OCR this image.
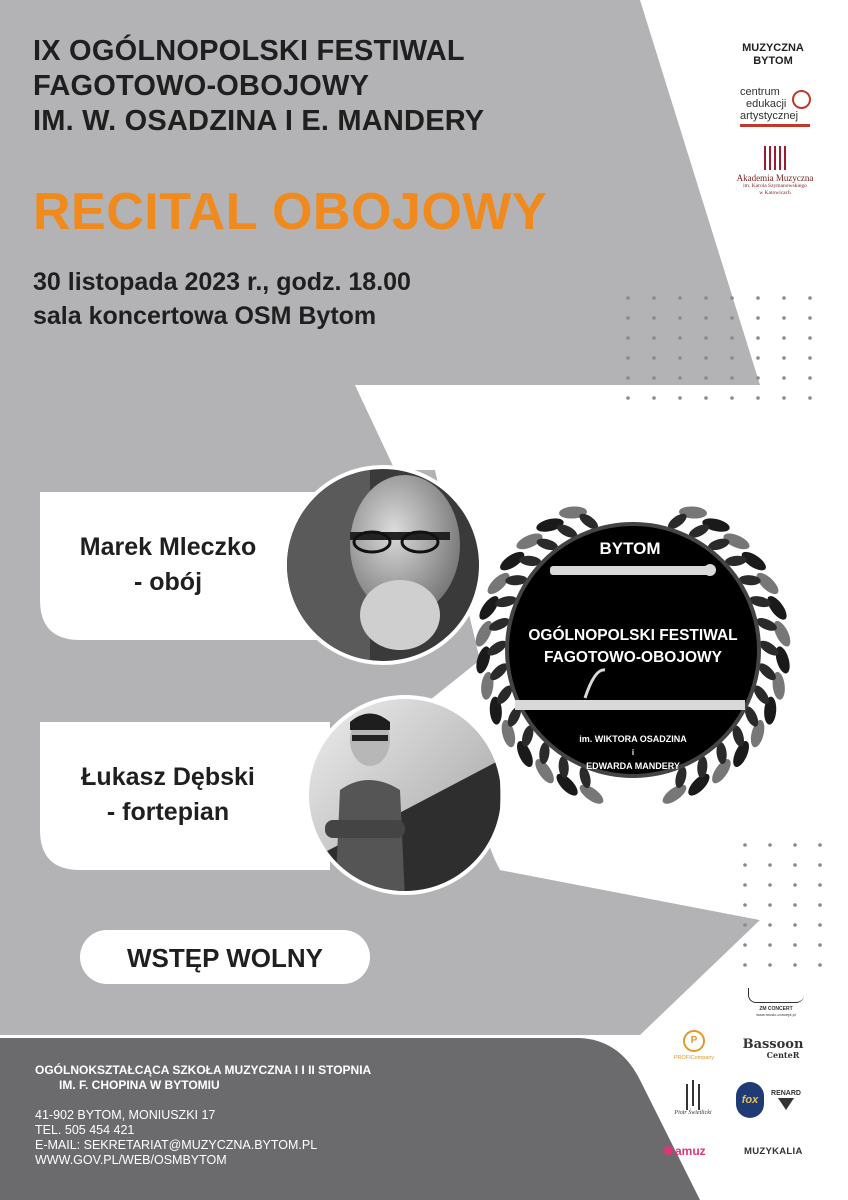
IX OGÓLNOPOLSKI FESTIWAL
FAGOTOWO-OBOJOWY
IM. W. OSADZINA I E. MANDERY
RECITAL OBOJOWY
30 listopada 2023 r., godz. 18.00
sala koncertowa OSM Bytom
MUZYCZNA
BYTOM
centrum
edukacji
artystycznej
Akademia Muzyczna
im. Karola Szymanowskiego
w Katowicach
Marek Mleczko
- obój
Łukasz Dębski
- fortepian
BYTOM
OGÓLNOPOLSKI FESTIWAL
FAGOTOWO-OBOJOWY
im. WIKTORA OSADZINA
i
EDWARDA MANDERY
WSTĘP WOLNY
OGÓLNOKSZTAŁCĄCA SZKOŁA MUZYCZNA I I II STOPNIA
IM. F. CHOPINA W BYTOMIU
41-902 BYTOM, MONIUSZKI 17
TEL. 505 454 421
E-MAIL: SEKRETARIAT@MUZYCZNA.BYTOM.PL
WWW.GOV.PL/WEB/OSMBYTOM
ZM CONCERT
www.music-concept.pl
P
PROFICompany
Bassoon
CenteR
Piotr Świetlicki
fox
RENARD
amuz	MUZYKALIA
